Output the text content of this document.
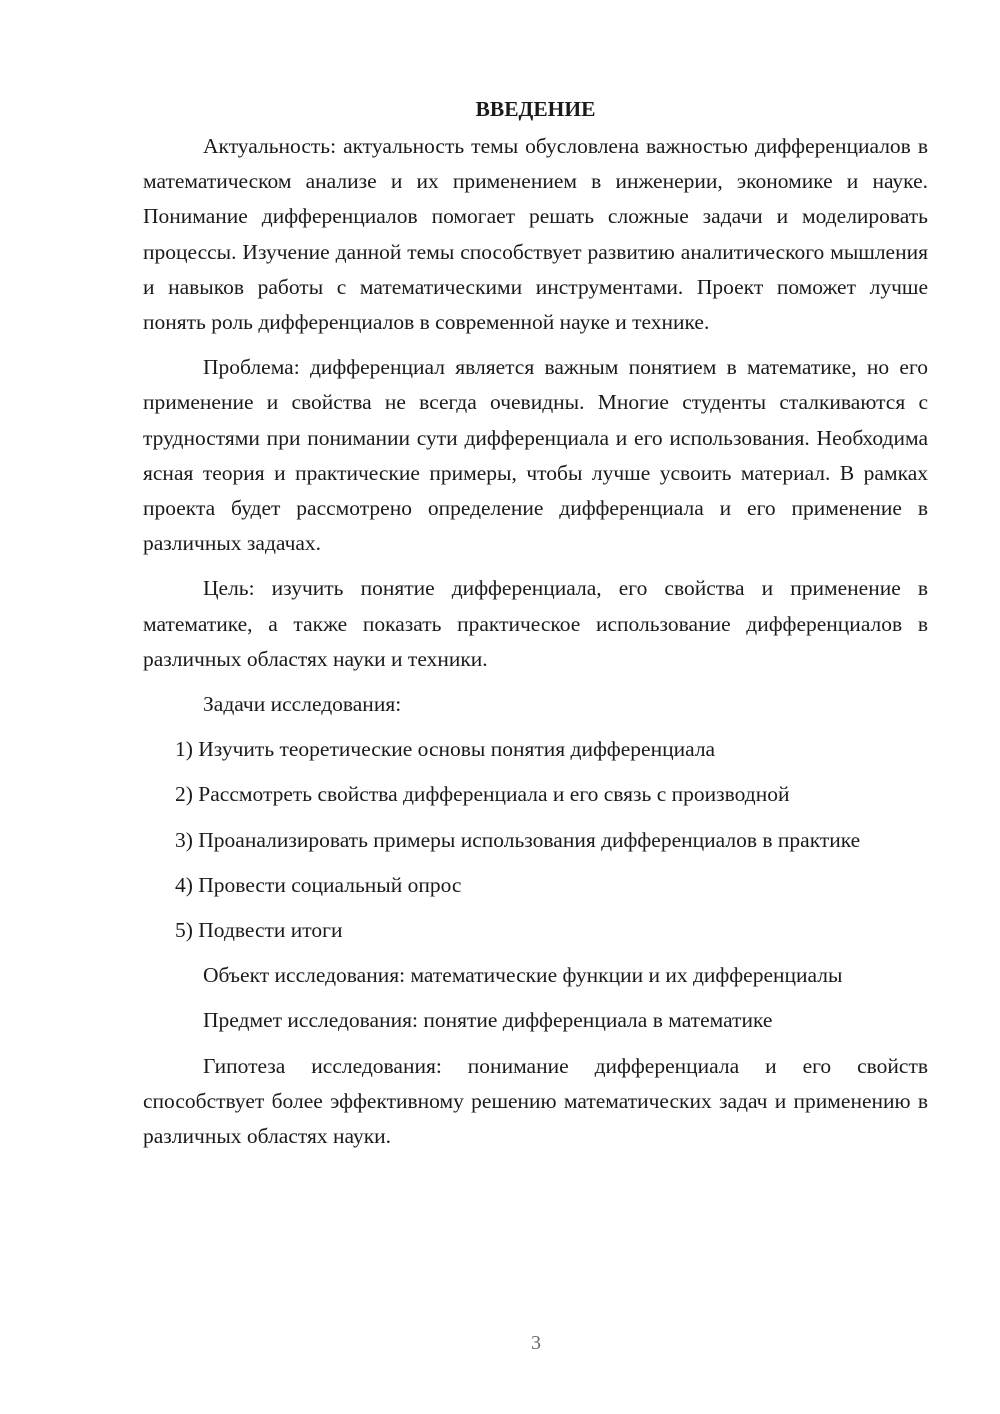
ВВЕДЕНИЕ

Актуальность: актуальность темы обусловлена важностью дифференциалов в математическом анализе и их применением в инженерии, экономике и науке. Понимание дифференциалов помогает решать сложные задачи и моделировать процессы. Изучение данной темы способствует развитию аналитического мышления и навыков работы с математическими инструментами. Проект поможет лучше понять роль дифференциалов в современной науке и технике.

Проблема: дифференциал является важным понятием в математике, но его применение и свойства не всегда очевидны. Многие студенты сталкиваются с трудностями при понимании сути дифференциала и его использования. Необходима ясная теория и практические примеры, чтобы лучше усвоить материал. В рамках проекта будет рассмотрено определение дифференциала и его применение в различных задачах.

Цель: изучить понятие дифференциала, его свойства и применение в математике, а также показать практическое использование дифференциалов в различных областях науки и техники.

Задачи исследования:

1) Изучить теоретические основы понятия дифференциала

2) Рассмотреть свойства дифференциала и его связь с производной

3) Проанализировать примеры использования дифференциалов в практике

4) Провести социальный опрос

5) Подвести итоги

Объект исследования: математические функции и их дифференциалы

Предмет исследования: понятие дифференциала в математике

Гипотеза исследования: понимание дифференциала и его свойств способствует более эффективному решению математических задач и применению в различных областях науки.

3
